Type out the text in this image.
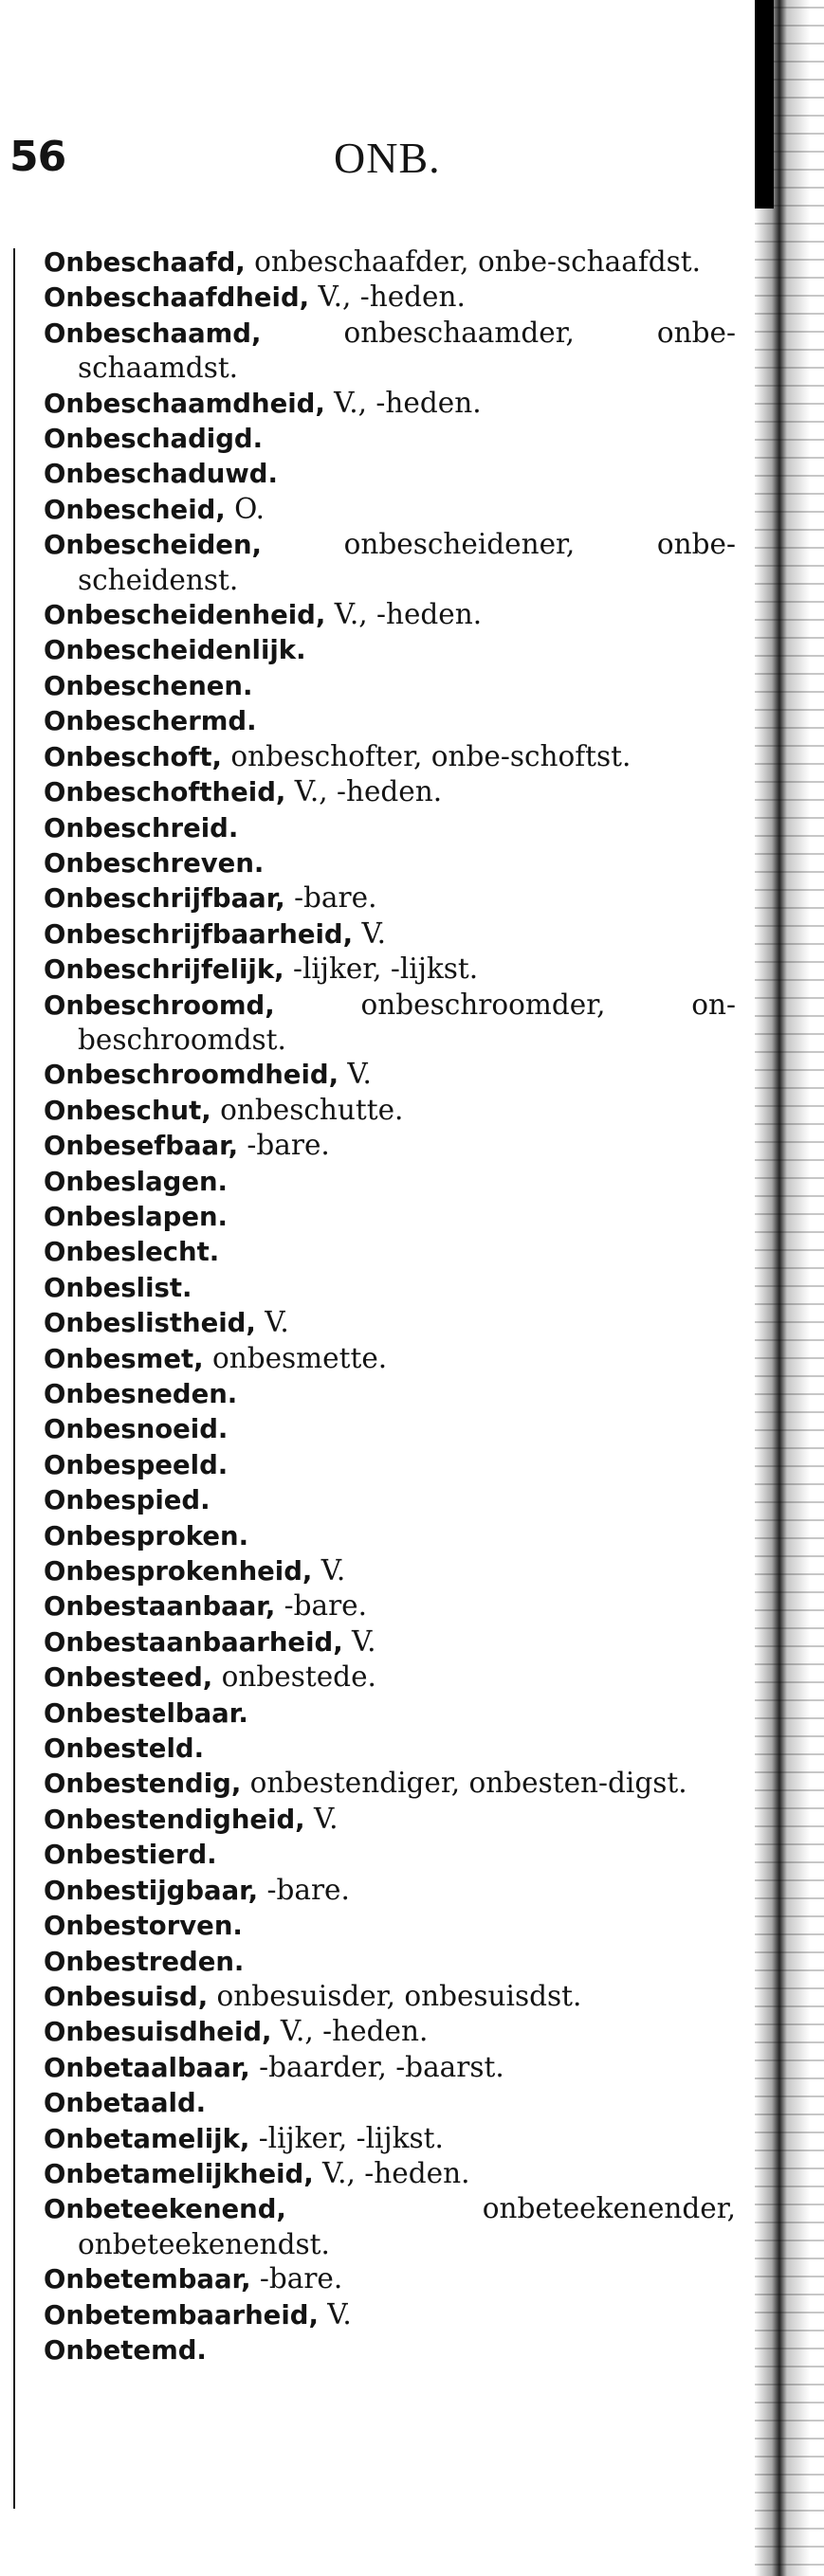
56	ONB.
Onbeschaafd, onbeschaafder, onbe-schaafdst.
Onbeschaafdheid, V., -heden.
Onbeschaamd, onbeschaamder, onbe-schaamdst.
Onbeschaamdheid, V., -heden.
Onbeschadigd.
Onbeschaduwd.
Onbescheid, O.
Onbescheiden, onbescheidener, onbe-scheidenst.
Onbescheidenheid, V., -heden.
Onbescheidenlijk.
Onbeschenen.
Onbeschermd.
Onbeschoft, onbeschofter, onbe-schoftst.
Onbeschoftheid, V., -heden.
Onbeschreid.
Onbeschreven.
Onbeschrijfbaar, -bare.
Onbeschrijfbaarheid, V.
Onbeschrijfelijk, -lijker, -lijkst.
Onbeschroomd, onbeschroomder, on-beschroomdst.
Onbeschroomdheid, V.
Onbeschut, onbeschutte.
Onbesefbaar, -bare.
Onbeslagen.
Onbeslapen.
Onbeslecht.
Onbeslist.
Onbeslistheid, V.
Onbesmet, onbesmette.
Onbesneden.
Onbesnoeid.
Onbespeeld.
Onbespied.
Onbesproken.
Onbesprokenheid, V.
Onbestaanbaar, -bare.
Onbestaanbaarheid, V.
Onbesteed, onbestede.
Onbestelbaar.
Onbesteld.
Onbestendig, onbestendiger, onbesten-digst.
Onbestendigheid, V.
Onbestierd.
Onbestijgbaar, -bare.
Onbestorven.
Onbestreden.
Onbesuisd, onbesuisder, onbesuisdst.
Onbesuisdheid, V., -heden.
Onbetaalbaar, -baarder, -baarst.
Onbetaald.
Onbetamelijk, -lijker, -lijkst.
Onbetamelijkheid, V., -heden.
Onbeteekenend, onbeteekenender, onbeteekenendst.
Onbetembaar, -bare.
Onbetembaarheid, V.
Onbetemd.
